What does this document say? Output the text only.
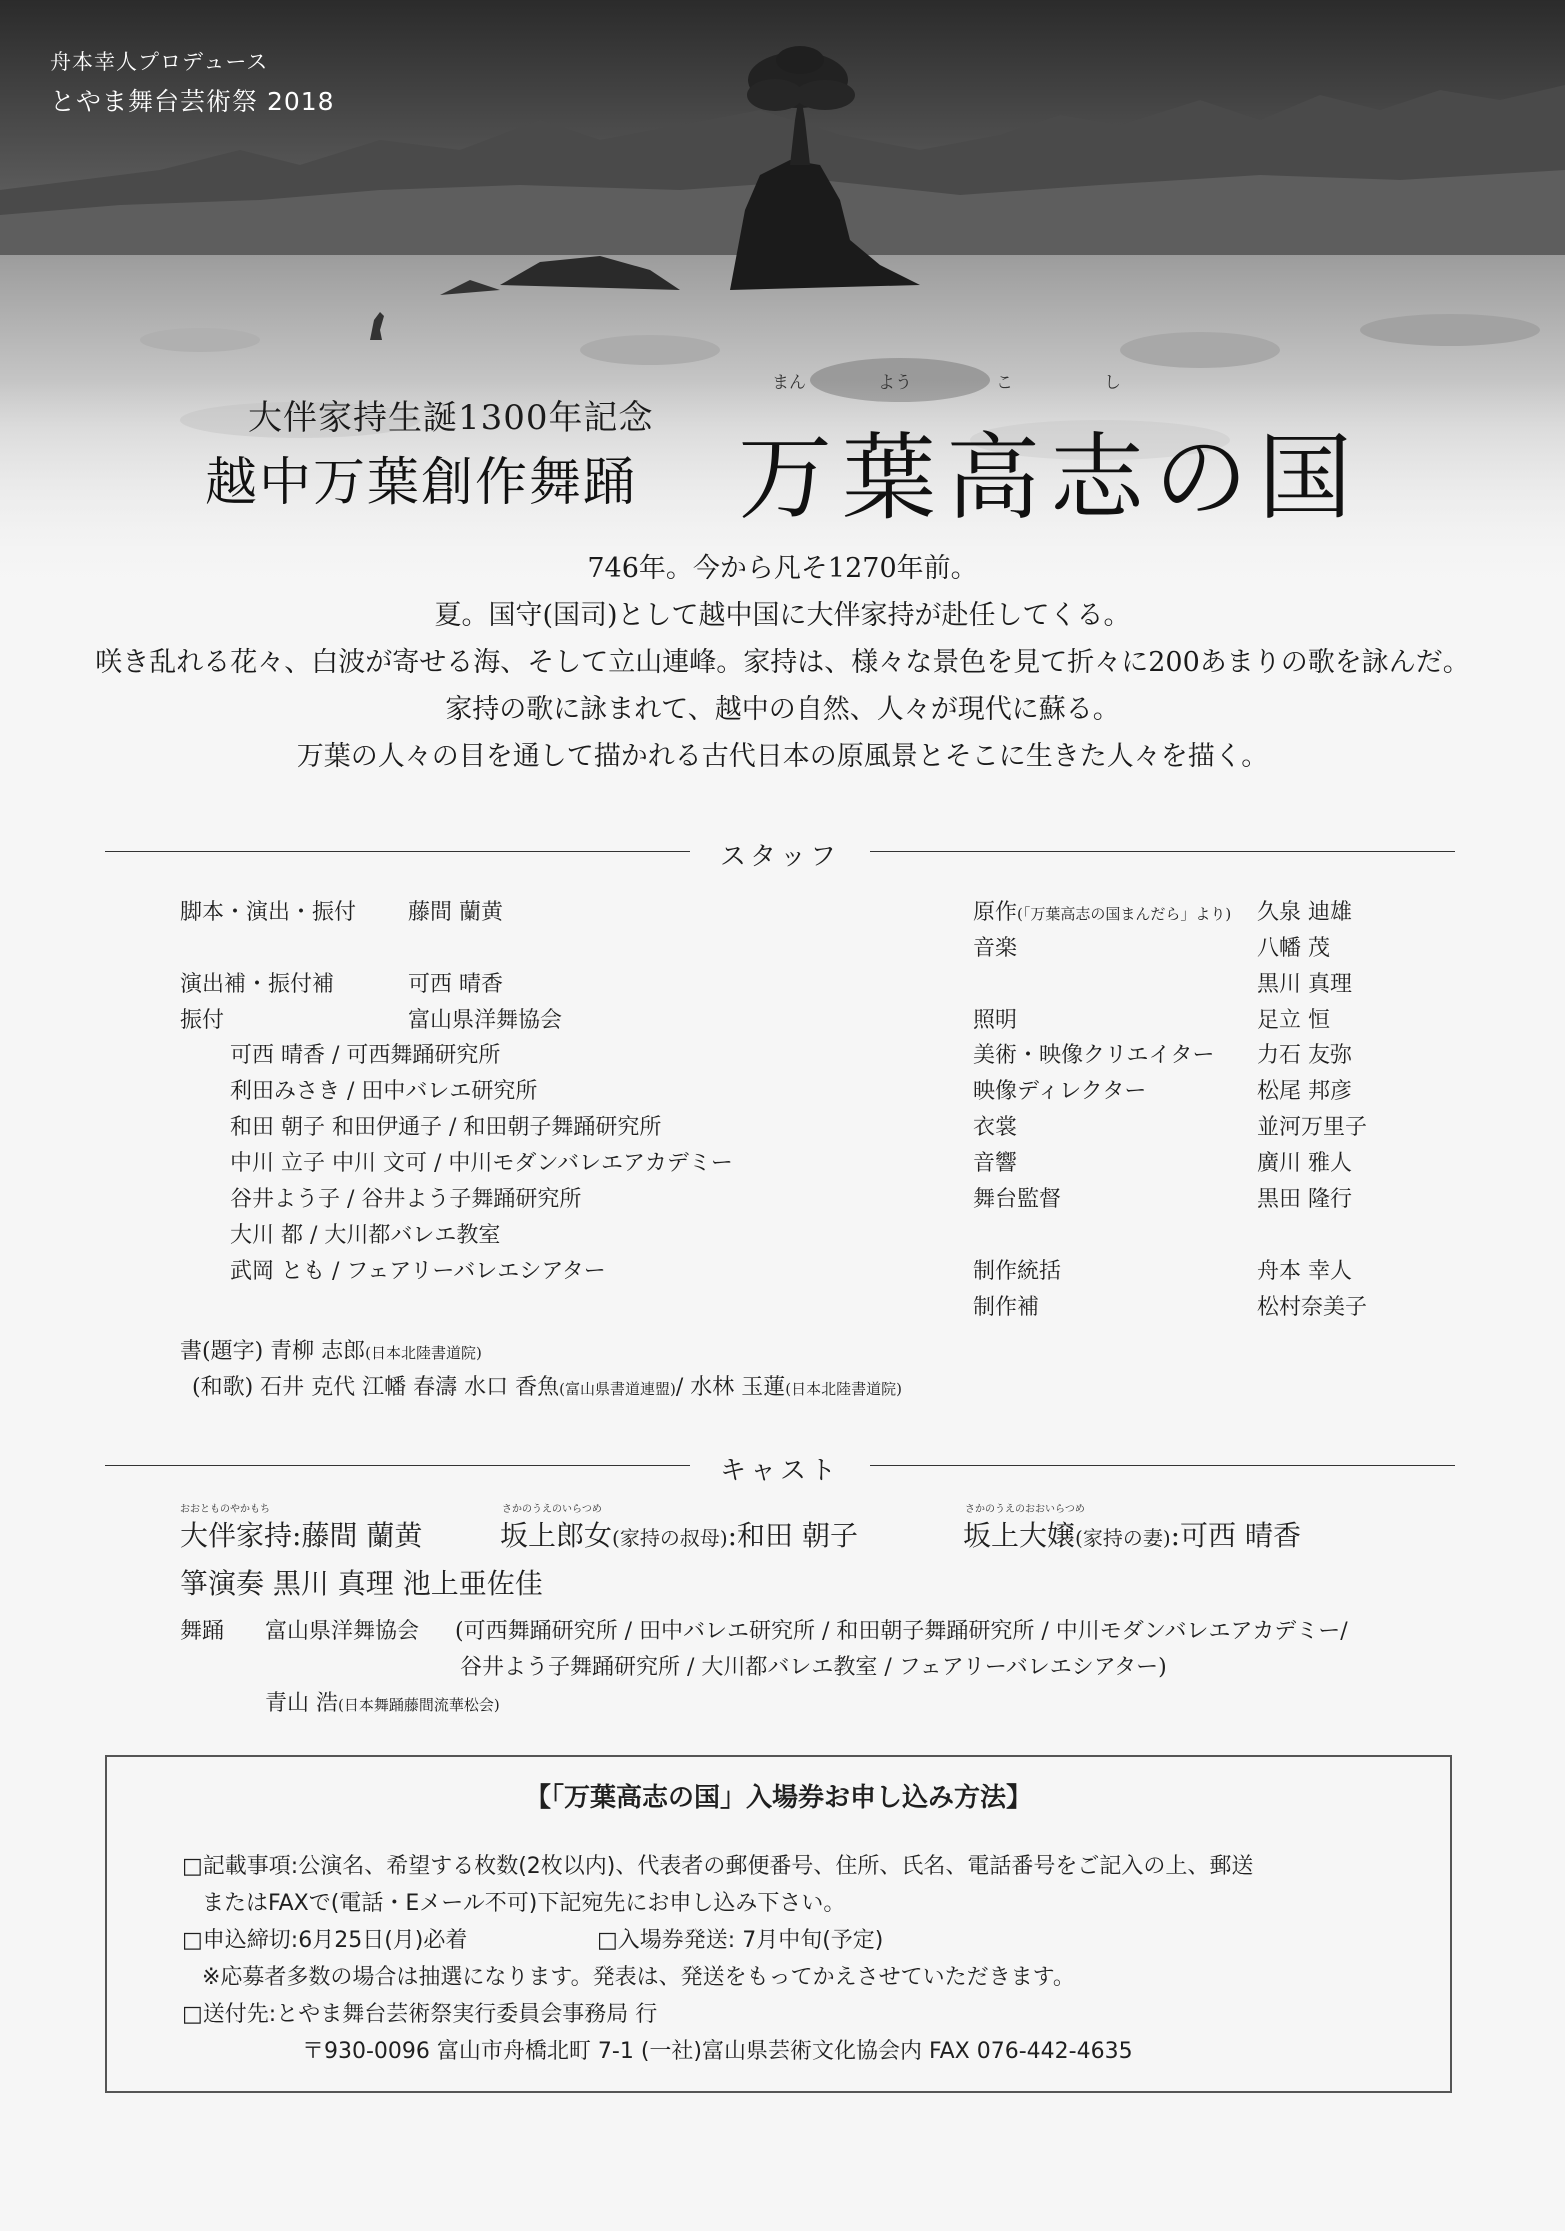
舟本幸人プロデュース
とやま舞台芸術祭 2018
大伴家持生誕1300年記念
越中万葉創作舞踊
まん	よう	こ	し
万葉高志の国

746年。今から凡そ1270年前。

夏。国守(国司)として越中国に大伴家持が赴任してくる。

咲き乱れる花々、白波が寄せる海、そして立山連峰。家持は、様々な景色を見て折々に200あまりの歌を詠んだ。

家持の歌に詠まれて、越中の自然、人々が現代に蘇る。

万葉の人々の目を通して描かれる古代日本の原風景とそこに生きた人々を描く。

スタッフ
脚本・演出・振付 藤間 蘭黄
演出補・振付補	可西 晴香
振付	富山県洋舞協会
可西 晴香 / 可西舞踊研究所
利田みさき / 田中バレエ研究所
和田 朝子 和田伊通子 / 和田朝子舞踊研究所
中川 立子 中川 文可 / 中川モダンバレエアカデミー
谷井よう子 / 谷井よう子舞踊研究所
大川 都 / 大川都バレエ教室
武岡 とも / フェアリーバレエシアター
原作(「万葉高志の国まんだら」より) 久泉 迪雄
音楽	八幡 茂
黒川 真理
照明	足立 恒
美術・映像クリエイター 力石 友弥
映像ディレクター	松尾 邦彦
衣裳	並河万里子
音響	廣川 雅人
舞台監督	黒田 隆行
制作統括	舟本 幸人
制作補	松村奈美子
書(題字) 青柳 志郎(日本北陸書道院)
(和歌) 石井 克代 江幡 春濤 水口 香魚(富山県書道連盟)/ 水林 玉蓮(日本北陸書道院)
キャスト
おおとものやかもち
大伴家持:藤間 蘭黄
さかのうえのいらつめ
坂上郎女(家持の叔母):和田 朝子
さかのうえのおおいらつめ
坂上大嬢(家持の妻):可西 晴香
箏演奏 黒川 真理 池上亜佐佳
舞踊 富山県洋舞協会 (可西舞踊研究所 / 田中バレエ研究所 / 和田朝子舞踊研究所 / 中川モダンバレエアカデミー/
谷井よう子舞踊研究所 / 大川都バレエ教室 / フェアリーバレエシアター)
青山 浩(日本舞踊藤間流華松会)
【「万葉高志の国」入場券お申し込み方法】
□記載事項:公演名、希望する枚数(2枚以内)、代表者の郵便番号、住所、氏名、電話番号をご記入の上、郵送
またはFAXで(電話・Eメール不可)下記宛先にお申し込み下さい。
□申込締切:6月25日(月)必着	□入場券発送: 7月中旬(予定)
※応募者多数の場合は抽選になります。発表は、発送をもってかえさせていただきます。
□送付先:とやま舞台芸術祭実行委員会事務局 行
〒930-0096 富山市舟橋北町 7-1 (一社)富山県芸術文化協会内 FAX 076-442-4635
